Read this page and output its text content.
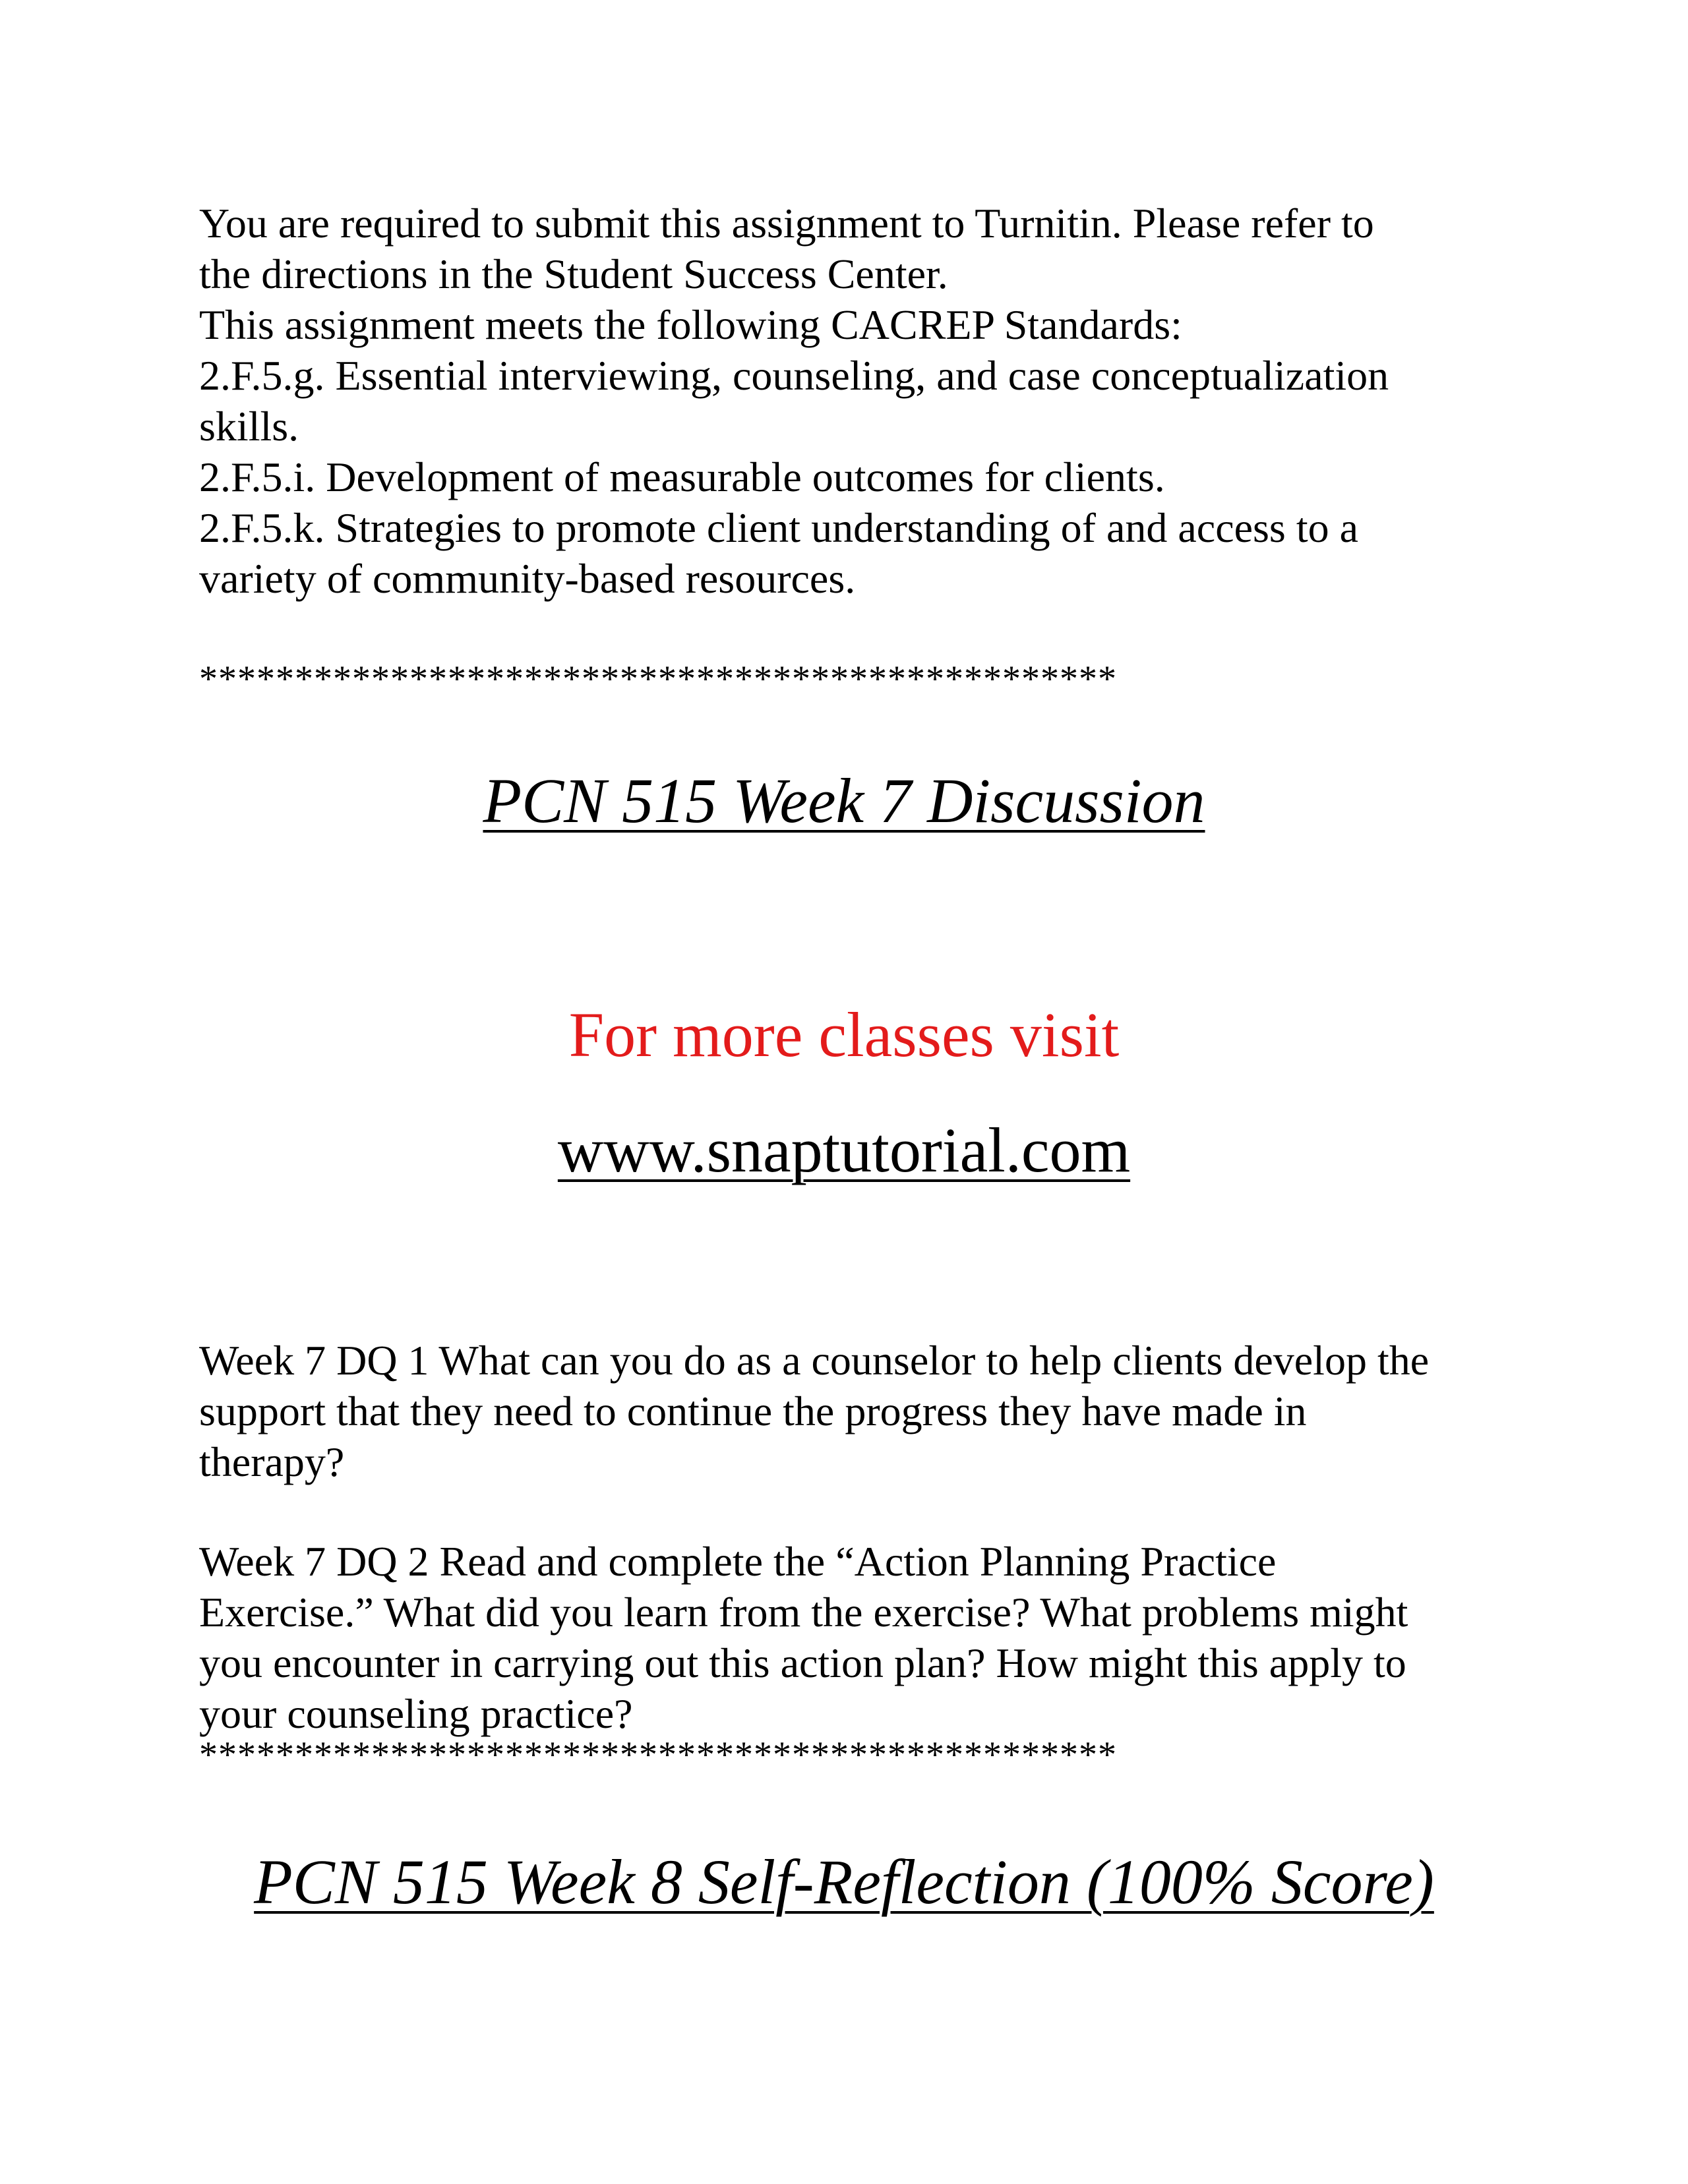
You are required to submit this assignment to Turnitin. Please refer to
the directions in the Student Success Center.
This assignment meets the following CACREP Standards:
2.F.5.g. Essential interviewing, counseling, and case conceptualization
skills.
2.F.5.i. Development of measurable outcomes for clients.
2.F.5.k. Strategies to promote client understanding of and access to a
variety of community-based resources.
************************************************
PCN 515 Week 7 Discussion
For more classes visit
www.snaptutorial.com
Week 7 DQ 1 What can you do as a counselor to help clients develop the
support that they need to continue the progress they have made in
therapy?
Week 7 DQ 2 Read and complete the “Action Planning Practice
Exercise.” What did you learn from the exercise? What problems might
you encounter in carrying out this action plan? How might this apply to
your counseling practice?
************************************************
PCN 515 Week 8 Self-Reflection (100% Score)
